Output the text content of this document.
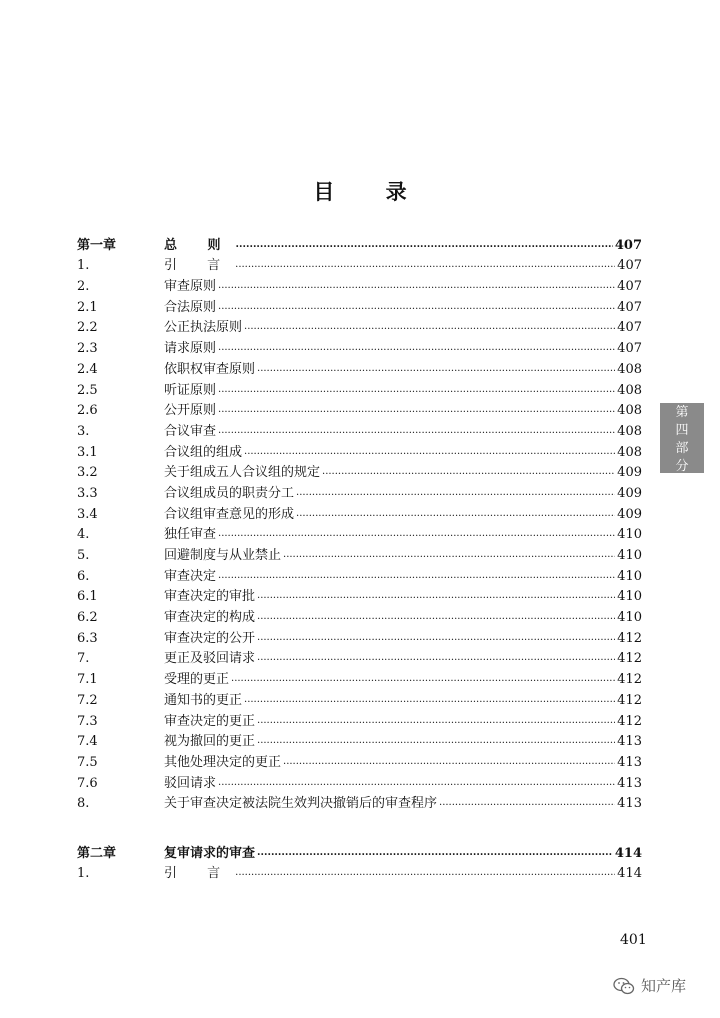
目 录
第一章	总 则 .....	407
1.	引 言 .....	407
2.	审查原则 .....	407
2.1	合法原则 .....	407
2.2	公正执法原则 .....	407
2.3	请求原则 .....	407
2.4	依职权审查原则 .....	408
2.5	听证原则 .....	408
2.6	公开原则 .....	408
3.	合议审查 .....	408
3.1	合议组的组成 .....	408
3.2	关于组成五人合议组的规定 .....	409
3.3	合议组成员的职责分工 .....	409
3.4	合议组审查意见的形成 .....	409
4.	独任审查 .....	410
5.	回避制度与从业禁止 .....	410
6.	审查决定 .....	410
6.1	审查决定的审批 .....	410
6.2	审查决定的构成 .....	410
6.3	审查决定的公开 .....	412
7.	更正及驳回请求 .....	412
7.1	受理的更正 .....	412
7.2	通知书的更正 .....	412
7.3	审查决定的更正 .....	412
7.4	视为撤回的更正 .....	413
7.5	其他处理决定的更正 .....	413
7.6	驳回请求 .....	413
8.	关于审查决定被法院生效判决撤销后的审查程序 .....	413
第二章	复审请求的审查 .....	414
1.	引 言 .....	414
第
四
部
分
401
知产库
